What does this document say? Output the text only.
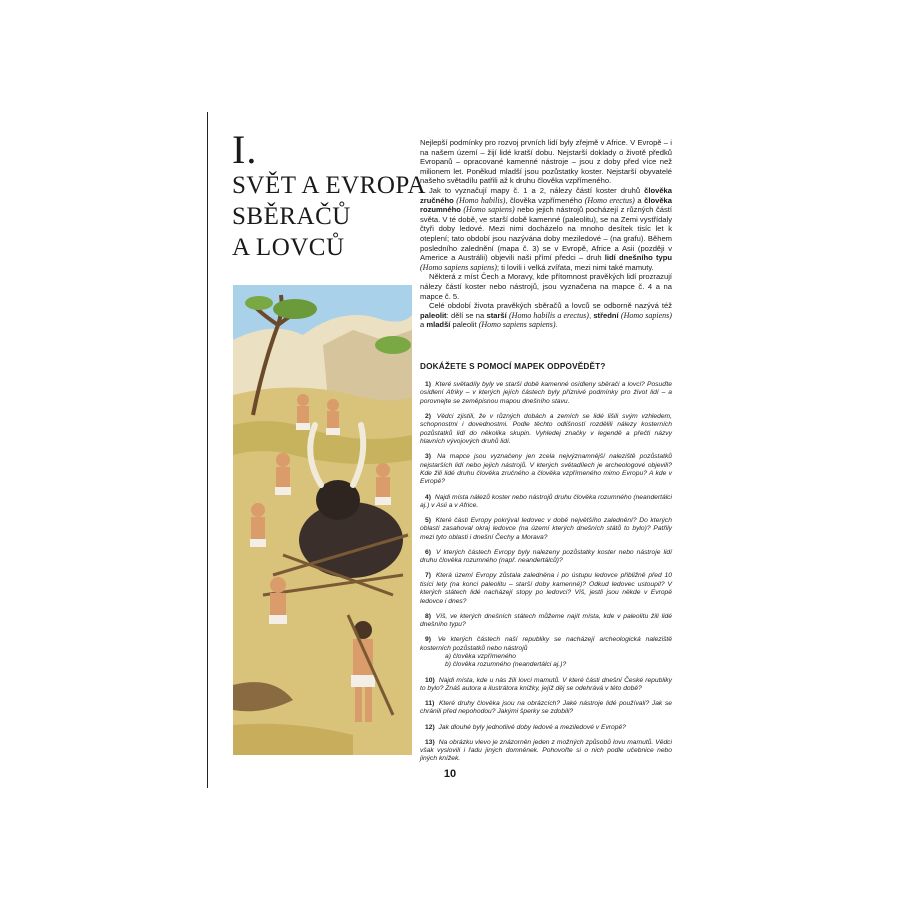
I.
SVĚT A EVROPA
SBĚRAČŮ
A LOVCŮ

Nejlepší podmínky pro rozvoj prvních lidí byly zřejmě v Africe. V Evropě – i na našem území – žijí lidé kratší dobu. Nejstarší doklady o životě předků Evropanů – opracované kamenné nástroje – jsou z doby před více než milionem let. Poněkud mladší jsou pozůstatky koster. Nejstarší obyvatelé našeho světadílu patřili až k druhu člověka vzpřímeného.

Jak to vyznačují mapy č. 1 a 2, nálezy částí koster druhů člověka zručného (Homo habilis), člověka vzpřímeného (Homo erectus) a člověka rozumného (Homo sapiens) nebo jejich nástrojů pocházejí z různých částí světa. V té době, ve starší době kamenné (paleolitu), se na Zemi vystřídaly čtyři doby ledové. Mezi nimi docházelo na mnoho desítek tisíc let k oteplení; tato období jsou nazývána doby meziledové – (na grafu). Během posledního zalednění (mapa č. 3) se v Evropě, Africe a Asii (později v Americe a Austrálii) objevili naši přímí předci – druh lidí dnešního typu (Homo sapiens sapiens); ti lovili i velká zvířata, mezi nimi také mamuty.

Některá z míst Čech a Moravy, kde přítomnost pravěkých lidí prozrazují nálezy částí koster nebo nástrojů, jsou vyznačena na mapce č. 4 a na mapce č. 5.

Celé období života pravěkých sběračů a lovců se odborně nazývá též paleolit: dělí se na starší (Homo habilis a erectus), střední (Homo sapiens) a mladší paleolit (Homo sapiens sapiens).

DOKÁŽETE S POMOCÍ MAPEK ODPOVĚDĚT?

1) Které světadíly byly ve starší době kamenné osídleny sběrači a lovci? Posuďte osídlení Afriky – v kterých jejích částech byly příznivé podmínky pro život lidí – a porovnejte se zeměpisnou mapou dnešního stavu.

2) Vědci zjistili, že v různých dobách a zemích se lidé lišili svým vzhledem, schopnostmi i dovednostmi. Podle těchto odlišností rozdělili nálezy kosterních pozůstatků lidí do několika skupin. Vyhledej značky v legendě a přečti názvy hlavních vývojových druhů lidí.

3) Na mapce jsou vyznačeny jen zcela nejvýznamnější naleziště pozůstatků nejstarších lidí nebo jejich nástrojů. V kterých světadílech je archeologové objevili? Kde žili lidé druhu člověka zručného a člověka vzpřímeného mimo Evropu? A kde v Evropě?

4) Najdi místa nálezů koster nebo nástrojů druhu člověka rozumného (neandertálci aj.) v Asii a v Africe.

5) Které části Evropy pokrýval ledovec v době největšího zalednění? Do kterých oblastí zasahoval okraj ledovce (na území kterých dnešních států to bylo)? Patřily mezi tyto oblasti i dnešní Čechy a Morava?

6) V kterých částech Evropy byly nalezeny pozůstatky koster nebo nástroje lidí druhu člověka rozumného (např. neandertálců)?

7) Která území Evropy zůstala zaledněna i po ústupu ledovce přibližně před 10 tisíci lety (na konci paleolitu – starší doby kamenné)? Odkud ledovec ustoupil? V kterých státech lidé nacházejí stopy po ledovci? Víš, jestli jsou někde v Evropě ledovce i dnes?

8) Víš, ve kterých dnešních státech můžeme najít místa, kde v paleolitu žili lidé dnešního typu?

9) Ve kterých částech naší republiky se nacházejí archeologická naleziště kosterních pozůstatků nebo nástrojů
a) člověka vzpřímeného
b) člověka rozumného (neandertálci aj.)?

10) Najdi místa, kde u nás žili lovci mamutů. V které části dnešní České republiky to bylo? Znáš autora a ilustrátora knížky, jejíž děj se odehrává v této době?

11) Které druhy člověka jsou na obrázcích? Jaké nástroje lidé používali? Jak se chránili před nepohodou? Jakými šperky se zdobili?

12) Jak dlouhé byly jednotlivé doby ledové a meziledové v Evropě?

13) Na obrázku vlevo je znázorněn jeden z možných způsobů lovu mamutů. Vědci však vyslovili i řadu jiných domněnek. Pohovořte si o nich podle učebnice nebo jiných knížek.

10
